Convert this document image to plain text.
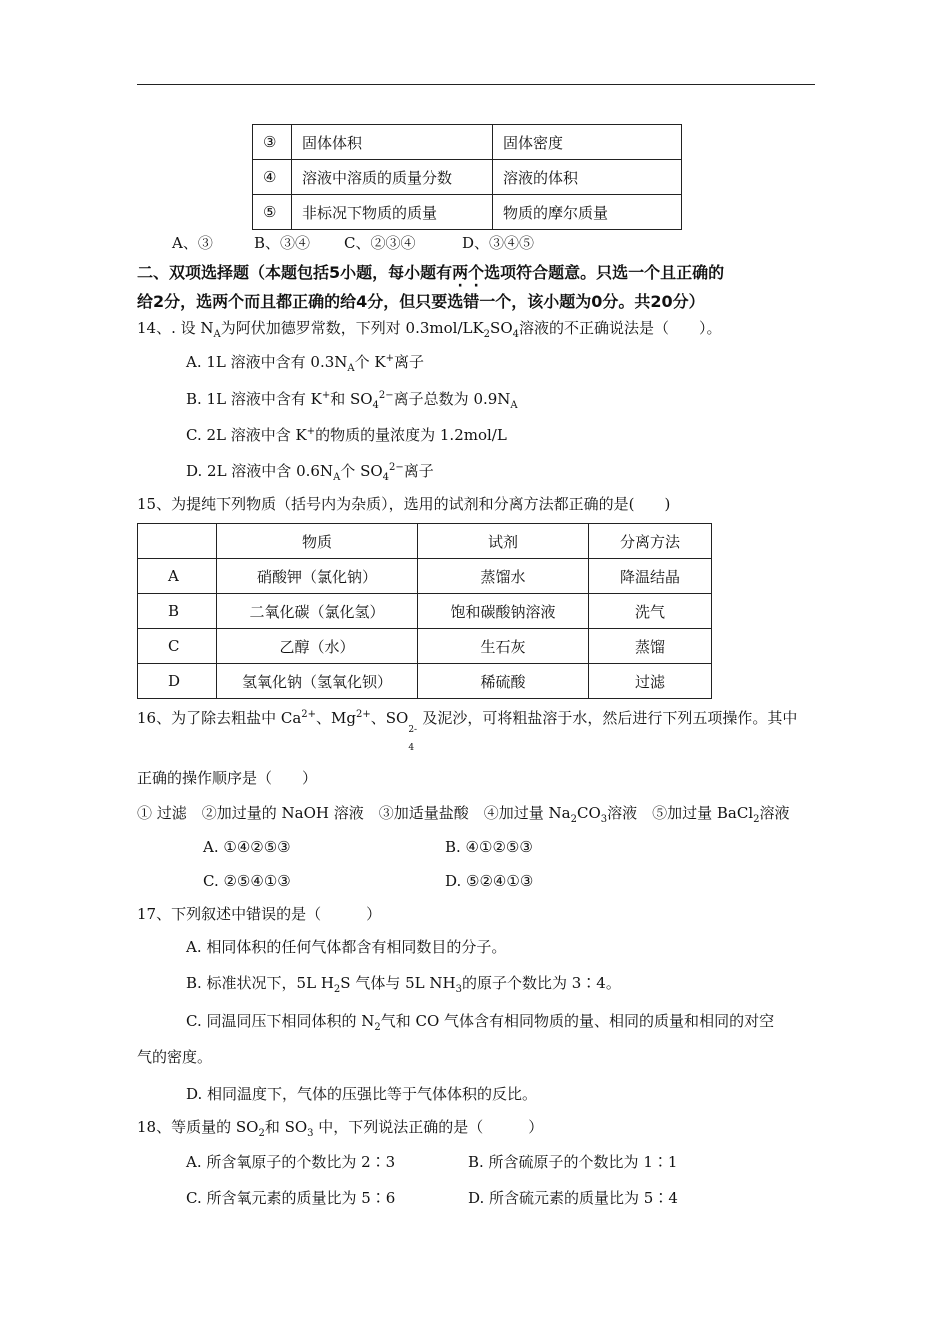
③	固体体积	固体密度
④	溶液中溶质的质量分数	溶液的体积
⑤	非标况下物质的质量	物质的摩尔质量
A、③	B、③④ C、②③④	D、③④⑤
二、双项选择题（本题包括5小题，每小题有两个选项符合题意。只选一个且正确的
给2分，选两个而且都正确的给4分，但只要选错一个，该小题为0分。共20分）
14、. 设 $N_A$为阿伏加德罗常数，下列对 $0.3mol/LK_2SO_4$溶液的不正确说法是（　　）。
A. 1L 溶液中含有 $0.3N_A$个 K+离子
B. 1L 溶液中含有 K+和 $SO_4^{2-}$离子总数为 $0.9N_A$
C. 2L 溶液中含 K+的物质的量浓度为 1.2mol/L
D. 2L 溶液中含 $0.6N_A$个 $SO_4^{2-}$离子
15、为提纯下列物质（括号内为杂质），选用的试剂和分离方法都正确的是(　　)
	物质	试剂	分离方法
A	硝酸钾（氯化钠）	蒸馏水	降温结晶
B	二氧化碳（氯化氢）	饱和碳酸钠溶液	洗气
C	乙醇（水）	生石灰	蒸馏
D	氢氧化钠（氢氧化钡）	稀硫酸	过滤
16、为了除去粗盐中 $Ca^{2+}$、$Mg^{2+}$、SO
2-
4
及泥沙，可将粗盐溶于水，然后进行下列五项操作。其中
正确的操作顺序是（　　）
① 过滤　②加过量的 NaOH 溶液　③加适量盐酸　④加过量 $Na_2CO_3$溶液　⑤加过量 BaCl$_2$溶液
A. ①④②⑤③	B. ④①②⑤③
C. ②⑤④①③	D. ⑤②④①③
17、下列叙述中错误的是（　　　）
A. 相同体积的任何气体都含有相同数目的分子。
B. 标准状况下，5L $H_2S$ 气体与 5L $NH_3$的原子个数比为 3∶4。
C. 同温同压下相同体积的 $N_2$气和 CO 气体含有相同物质的量、相同的质量和相同的对空
气的密度。
D. 相同温度下，气体的压强比等于气体体积的反比。
18、等质量的 $SO_2$和 $SO_3$ 中，下列说法正确的是（　　　）
A. 所含氧原子的个数比为 2∶3	B. 所含硫原子的个数比为 1∶1
C. 所含氧元素的质量比为 5∶6	D. 所含硫元素的质量比为 5∶4
